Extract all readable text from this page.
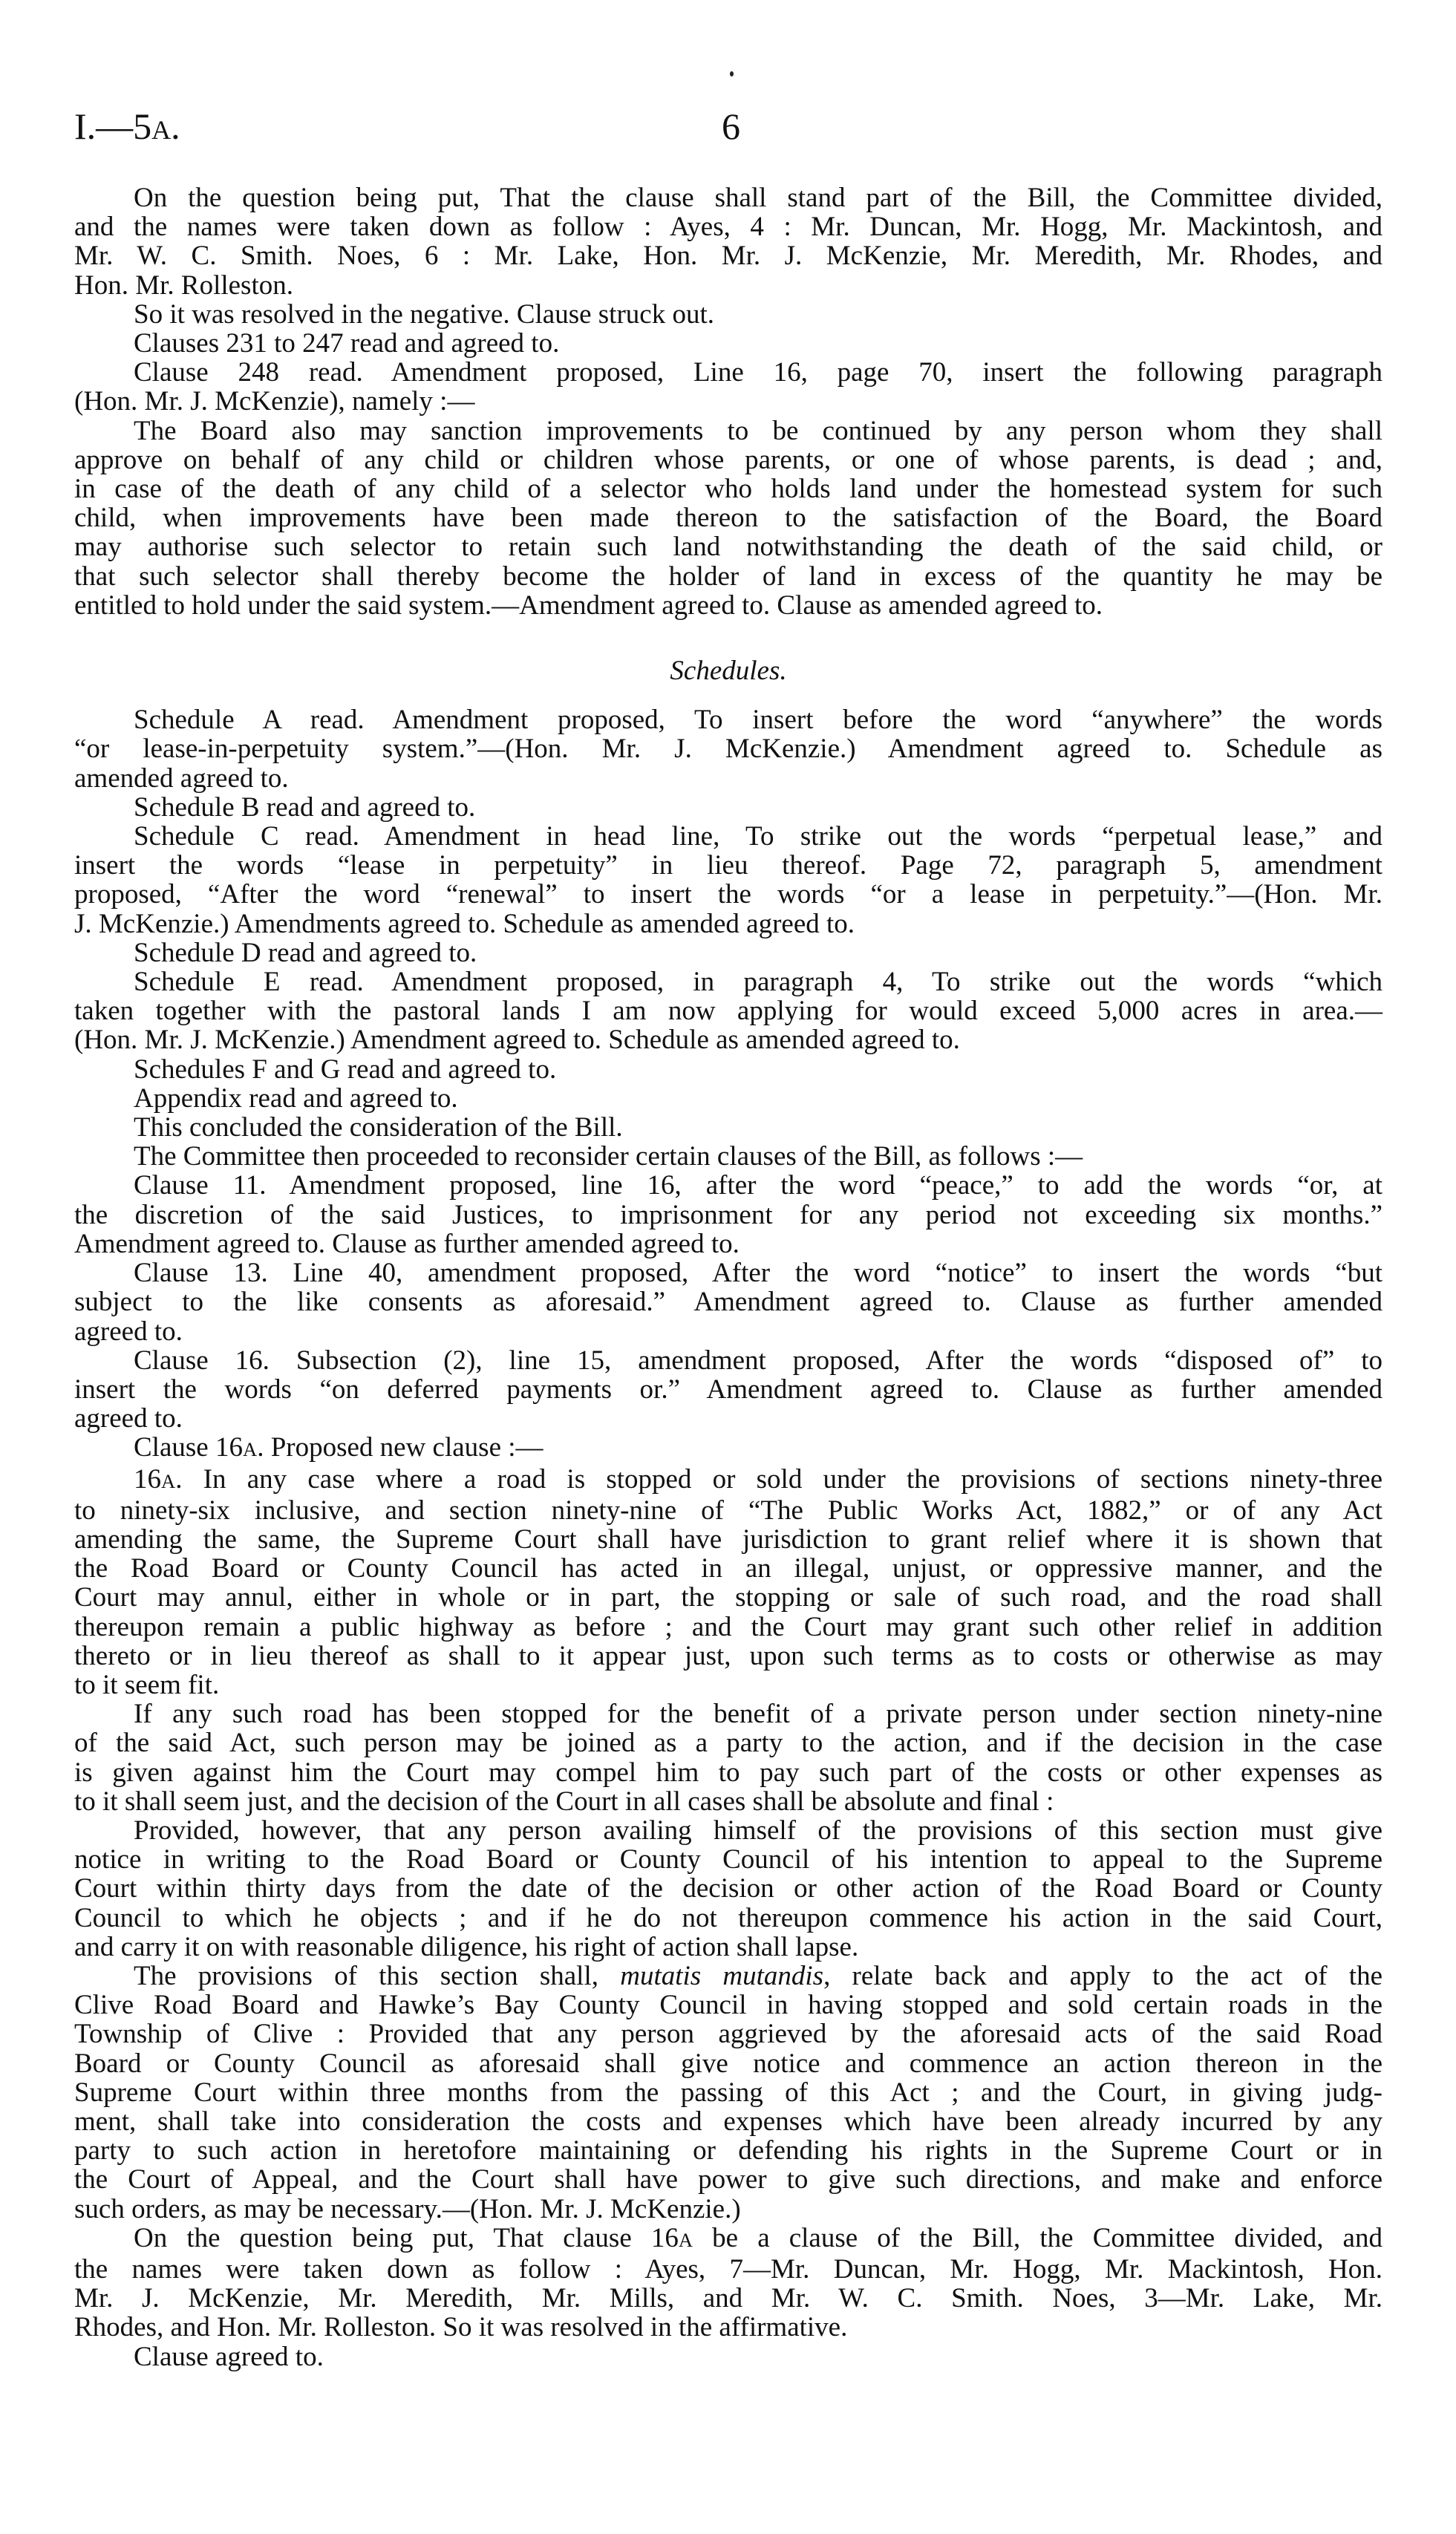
I.—5A.	6
On the question being put, That the clause shall stand part of the Bill, the Committee divided,
and the names were taken down as follow : Ayes, 4 : Mr. Duncan, Mr. Hogg, Mr. Mackintosh, and
Mr. W. C. Smith. Noes, 6 : Mr. Lake, Hon. Mr. J. McKenzie, Mr. Meredith, Mr. Rhodes, and
Hon. Mr. Rolleston.
So it was resolved in the negative. Clause struck out.
Clauses 231 to 247 read and agreed to.
Clause 248 read. Amendment proposed, Line 16, page 70, insert the following paragraph
(Hon. Mr. J. McKenzie), namely :—
The Board also may sanction improvements to be continued by any person whom they shall
approve on behalf of any child or children whose parents, or one of whose parents, is dead ; and,
in case of the death of any child of a selector who holds land under the homestead system for such
child, when improvements have been made thereon to the satisfaction of the Board, the Board
may authorise such selector to retain such land notwithstanding the death of the said child, or
that such selector shall thereby become the holder of land in excess of the quantity he may be
entitled to hold under the said system.—Amendment agreed to. Clause as amended agreed to.
Schedules.
Schedule A read. Amendment proposed, To insert before the word “anywhere” the words
“or lease-in-perpetuity system.”—(Hon. Mr. J. McKenzie.) Amendment agreed to. Schedule as
amended agreed to.
Schedule B read and agreed to.
Schedule C read. Amendment in head line, To strike out the words “perpetual lease,” and
insert the words “lease in perpetuity” in lieu thereof. Page 72, paragraph 5, amendment
proposed, “After the word “renewal” to insert the words “or a lease in perpetuity.”—(Hon. Mr.
J. McKenzie.) Amendments agreed to. Schedule as amended agreed to.
Schedule D read and agreed to.
Schedule E read. Amendment proposed, in paragraph 4, To strike out the words “which
taken together with the pastoral lands I am now applying for would exceed 5,000 acres in area.—
(Hon. Mr. J. McKenzie.) Amendment agreed to. Schedule as amended agreed to.
Schedules F and G read and agreed to.
Appendix read and agreed to.
This concluded the consideration of the Bill.
The Committee then proceeded to reconsider certain clauses of the Bill, as follows :—
Clause 11. Amendment proposed, line 16, after the word “peace,” to add the words “or, at
the discretion of the said Justices, to imprisonment for any period not exceeding six months.”
Amendment agreed to. Clause as further amended agreed to.
Clause 13. Line 40, amendment proposed, After the word “notice” to insert the words “but
subject to the like consents as aforesaid.” Amendment agreed to. Clause as further amended
agreed to.
Clause 16. Subsection (2), line 15, amendment proposed, After the words “disposed of” to
insert the words “on deferred payments or.” Amendment agreed to. Clause as further amended
agreed to.
Clause 16A. Proposed new clause :—
16A. In any case where a road is stopped or sold under the provisions of sections ninety-three
to ninety-six inclusive, and section ninety-nine of “The Public Works Act, 1882,” or of any Act
amending the same, the Supreme Court shall have jurisdiction to grant relief where it is shown that
the Road Board or County Council has acted in an illegal, unjust, or oppressive manner, and the
Court may annul, either in whole or in part, the stopping or sale of such road, and the road shall
thereupon remain a public highway as before ; and the Court may grant such other relief in addition
thereto or in lieu thereof as shall to it appear just, upon such terms as to costs or otherwise as may
to it seem fit.
If any such road has been stopped for the benefit of a private person under section ninety-nine
of the said Act, such person may be joined as a party to the action, and if the decision in the case
is given against him the Court may compel him to pay such part of the costs or other expenses as
to it shall seem just, and the decision of the Court in all cases shall be absolute and final :
Provided, however, that any person availing himself of the provisions of this section must give
notice in writing to the Road Board or County Council of his intention to appeal to the Supreme
Court within thirty days from the date of the decision or other action of the Road Board or County
Council to which he objects ; and if he do not thereupon commence his action in the said Court,
and carry it on with reasonable diligence, his right of action shall lapse.
The provisions of this section shall, mutatis mutandis, relate back and apply to the act of the
Clive Road Board and Hawke’s Bay County Council in having stopped and sold certain roads in the
Township of Clive : Provided that any person aggrieved by the aforesaid acts of the said Road
Board or County Council as aforesaid shall give notice and commence an action thereon in the
Supreme Court within three months from the passing of this Act ; and the Court, in giving judg-
ment, shall take into consideration the costs and expenses which have been already incurred by any
party to such action in heretofore maintaining or defending his rights in the Supreme Court or in
the Court of Appeal, and the Court shall have power to give such directions, and make and enforce
such orders, as may be necessary.—(Hon. Mr. J. McKenzie.)
On the question being put, That clause 16A be a clause of the Bill, the Committee divided, and
the names were taken down as follow : Ayes, 7—Mr. Duncan, Mr. Hogg, Mr. Mackintosh, Hon.
Mr. J. McKenzie, Mr. Meredith, Mr. Mills, and Mr. W. C. Smith. Noes, 3—Mr. Lake, Mr.
Rhodes, and Hon. Mr. Rolleston. So it was resolved in the affirmative.
Clause agreed to.
